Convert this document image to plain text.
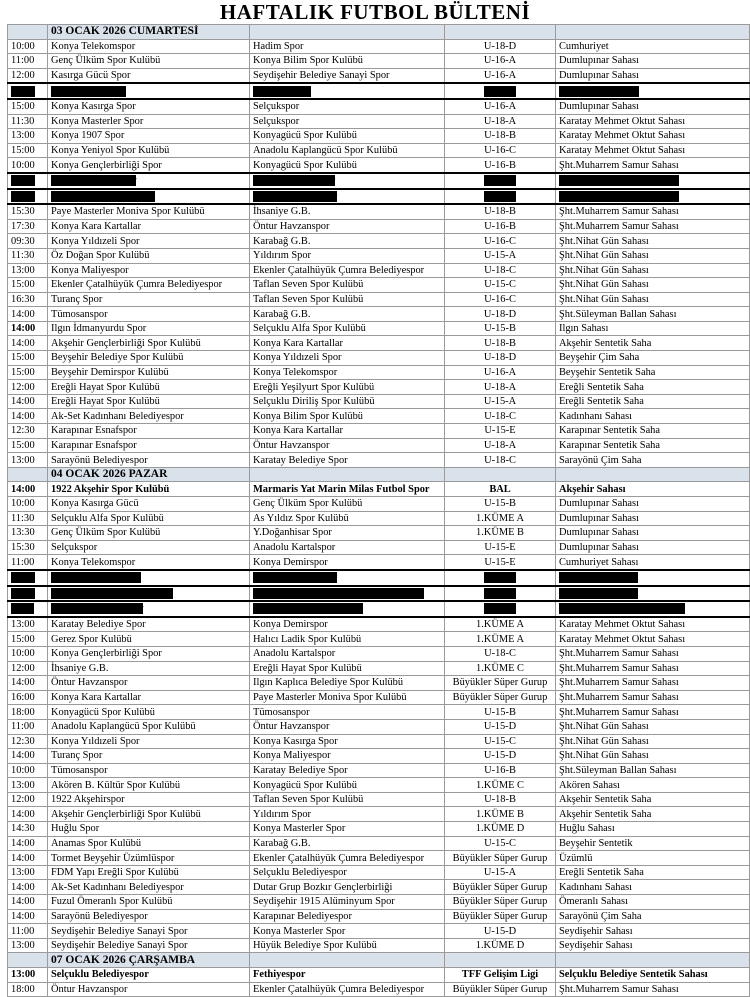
HAFTALIK FUTBOL BÜLTENİ
	03 OCAK 2026 CUMARTESİ			
10:00	Konya Telekomspor	Hadim Spor	U-18-D	Cumhuriyet
11:00	Genç Ülküm Spor Kulübü	Konya Bilim Spor Kulübü	U-16-A	Dumlupınar Sahası
12:00	Kasırga Gücü Spor	Seydişehir Belediye Sanayi Spor	U-16-A	Dumlupınar Sahası
14:00	Konya Gücü Spor	Yıldırım Spor	U-14-B	Dumlupınar Sahası
15:00	Konya Kasırga Spor	Selçukspor	U-16-A	Dumlupınar Sahası
11:30	Konya Masterler Spor	Selçukspor	U-18-A	Karatay Mehmet Oktut Sahası
13:00	Konya 1907 Spor	Konyagücü Spor Kulübü	U-18-B	Karatay Mehmet Oktut Sahası
15:00	Konya Yeniyol Spor Kulübü	Anadolu Kaplangücü Spor Kulübü	U-16-C	Karatay Mehmet Oktut Sahası
10:00	Konya Gençlerbirliği Spor	Konyagücü Spor Kulübü	U-16-B	Şht.Muharrem Samur Sahası
12:00	Konya Karatay Spor	Anadolu Kartalspor	U-14-B	Şht.Muharrem Samur Sahası
14:00	Konyagücü Spor Kulübü	Konya Telekomspor	U-14-B	Şht.Muharrem Samur Sahası
15:30	Paye Masterler Moniva Spor Kulübü	İhsaniye G.B.	U-18-B	Şht.Muharrem Samur Sahası
17:30	Konya Kara Kartallar	Öntur Havzanspor	U-16-B	Şht.Muharrem Samur Sahası
09:30	Konya Yıldızeli Spor	Karabağ G.B.	U-16-C	Şht.Nihat Gün Sahası
11:30	Öz Doğan Spor Kulübü	Yıldırım Spor	U-15-A	Şht.Nihat Gün Sahası
13:00	Konya Maliyespor	Ekenler Çatalhüyük Çumra Belediyespor	U-18-C	Şht.Nihat Gün Sahası
15:00	Ekenler Çatalhüyük Çumra Belediyespor	Taflan Seven Spor Kulübü	U-15-C	Şht.Nihat Gün Sahası
16:30	Turanç Spor	Taflan Seven Spor Kulübü	U-16-C	Şht.Nihat Gün Sahası
14:00	Tümosanspor	Karabağ G.B.	U-18-D	Şht.Süleyman Ballan Sahası
14:00	Ilgın İdmanyurdu Spor	Selçuklu Alfa Spor Kulübü	U-15-B	Ilgın Sahası
14:00	Akşehir Gençlerbirliği Spor Kulübü	Konya Kara Kartallar	U-18-B	Akşehir Sentetik Saha
15:00	Beyşehir Belediye Spor Kulübü	Konya Yıldızeli Spor	U-18-D	Beyşehir Çim Saha
15:00	Beyşehir Demirspor Kulübü	Konya Telekomspor	U-16-A	Beyşehir Sentetik Saha
12:00	Ereğli Hayat Spor Kulübü	Ereğli Yeşilyurt Spor Kulübü	U-18-A	Ereğli Sentetik Saha
14:00	Ereğli Hayat Spor Kulübü	Selçuklu Diriliş Spor Kulübü	U-15-A	Ereğli Sentetik Saha
14:00	Ak-Set Kadınhanı Belediyespor	Konya Bilim Spor Kulübü	U-18-C	Kadınhanı Sahası
12:30	Karapınar Esnafspor	Konya Kara Kartallar	U-15-E	Karapınar Sentetik Saha
15:00	Karapınar Esnafspor	Öntur Havzanspor	U-18-A	Karapınar Sentetik Saha
13:00	Sarayönü Belediyespor	Karatay Belediye Spor	U-18-C	Sarayönü Çim Saha
	04 OCAK 2026 PAZAR			
14:00	1922 Akşehir Spor Kulübü	Marmaris Yat Marin Milas Futbol Spor	BAL	Akşehir Sahası
10:00	Konya Kasırga Gücü	Genç Ülküm Spor Kulübü	U-15-B	Dumlupınar Sahası
11:30	Selçuklu Alfa Spor Kulübü	As Yıldız Spor Kulübü	1.KÜME A	Dumlupınar Sahası
13:30	Genç Ülküm Spor Kulübü	Y.Doğanhisar Spor	1.KÜME B	Dumlupınar Sahası
15:30	Selçukspor	Anadolu Kartalspor	U-15-E	Dumlupınar Sahası
11:00	Konya Telekomspor	Konya Demirspor	U-15-E	Cumhuriyet Sahası
12:30	Konya Kara Kartallar	Konya Telekomspor	U-14-B	Cumhuriyet Sahası
14:00	Selçuklu Diriliş Spor Kulübü	Ekenler Çatalhüyük Çumra Belediyespor	U-14-B	Cumhuriyet Sahası
11:00	Konya Masterler Spor	Konya Bilim Spor Kulübü	U-14-B	Karatay Mehmet Oktut Sahası
13:00	Karatay Belediye Spor	Konya Demirspor	1.KÜME A	Karatay Mehmet Oktut Sahası
15:00	Gerez Spor Kulübü	Halıcı Ladik Spor Kulübü	1.KÜME A	Karatay Mehmet Oktut Sahası
10:00	Konya Gençlerbirliği Spor	Anadolu Kartalspor	U-18-C	Şht.Muharrem Samur Sahası
12:00	İhsaniye G.B.	Ereğli Hayat Spor Kulübü	1.KÜME C	Şht.Muharrem Samur Sahası
14:00	Öntur Havzanspor	Ilgın Kaplıca Belediye Spor Kulübü	Büyükler Süper Gurup	Şht.Muharrem Samur Sahası
16:00	Konya Kara Kartallar	Paye Masterler Moniva Spor Kulübü	Büyükler Süper Gurup	Şht.Muharrem Samur Sahası
18:00	Konyagücü Spor Kulübü	Tümosanspor	U-15-B	Şht.Muharrem Samur Sahası
11:00	Anadolu Kaplangücü Spor Kulübü	Öntur Havzanspor	U-15-D	Şht.Nihat Gün Sahası
12:30	Konya Yıldızeli Spor	Konya Kasırga Spor	U-15-C	Şht.Nihat Gün Sahası
14:00	Turanç Spor	Konya Maliyespor	U-15-D	Şht.Nihat Gün Sahası
10:00	Tümosanspor	Karatay Belediye Spor	U-16-B	Şht.Süleyman Ballan Sahası
13:00	Akören B. Kültür Spor Kulübü	Konyagücü Spor Kulübü	1.KÜME C	Akören Sahası
12:00	1922 Akşehirspor	Taflan Seven Spor Kulübü	U-18-B	Akşehir Sentetik Saha
14:00	Akşehir Gençlerbirliği Spor Kulübü	Yıldırım Spor	1.KÜME B	Akşehir Sentetik Saha
14:30	Huğlu Spor	Konya Masterler Spor	1.KÜME D	Huğlu Sahası
14:00	Anamas Spor Kulübü	Karabağ G.B.	U-15-C	Beyşehir Sentetik
14:00	Tormet Beyşehir Üzümlüspor	Ekenler Çatalhüyük Çumra Belediyespor	Büyükler Süper Gurup	Üzümlü
13:00	FDM Yapı Ereğli Spor Kulübü	Selçuklu Belediyespor	U-15-A	Ereğli Sentetik Saha
14:00	Ak-Set Kadınhanı Belediyespor	Dutar Grup Bozkır Gençlerbirliği	Büyükler Süper Gurup	Kadınhanı Sahası
14:00	Fuzul Ömeranlı Spor Kulübü	Seydişehir 1915 Alüminyum Spor	Büyükler Süper Gurup	Ömeranlı Sahası
14:00	Sarayönü Belediyespor	Karapınar Belediyespor	Büyükler Süper Gurup	Sarayönü Çim Saha
11:00	Seydişehir Belediye Sanayi Spor	Konya Masterler Spor	U-15-D	Seydişehir Sahası
13:00	Seydişehir Belediye Sanayi Spor	Hüyük Belediye Spor Kulübü	1.KÜME D	Seydişehir Sahası
	07 OCAK 2026 ÇARŞAMBA			
13:00	Selçuklu Belediyespor	Fethiyespor	TFF Gelişim Ligi	Selçuklu Belediye Sentetik Sahası
18:00	Öntur Havzanspor	Ekenler Çatalhüyük Çumra Belediyespor	Büyükler Süper Gurup	Şht.Muharrem Samur Sahası
